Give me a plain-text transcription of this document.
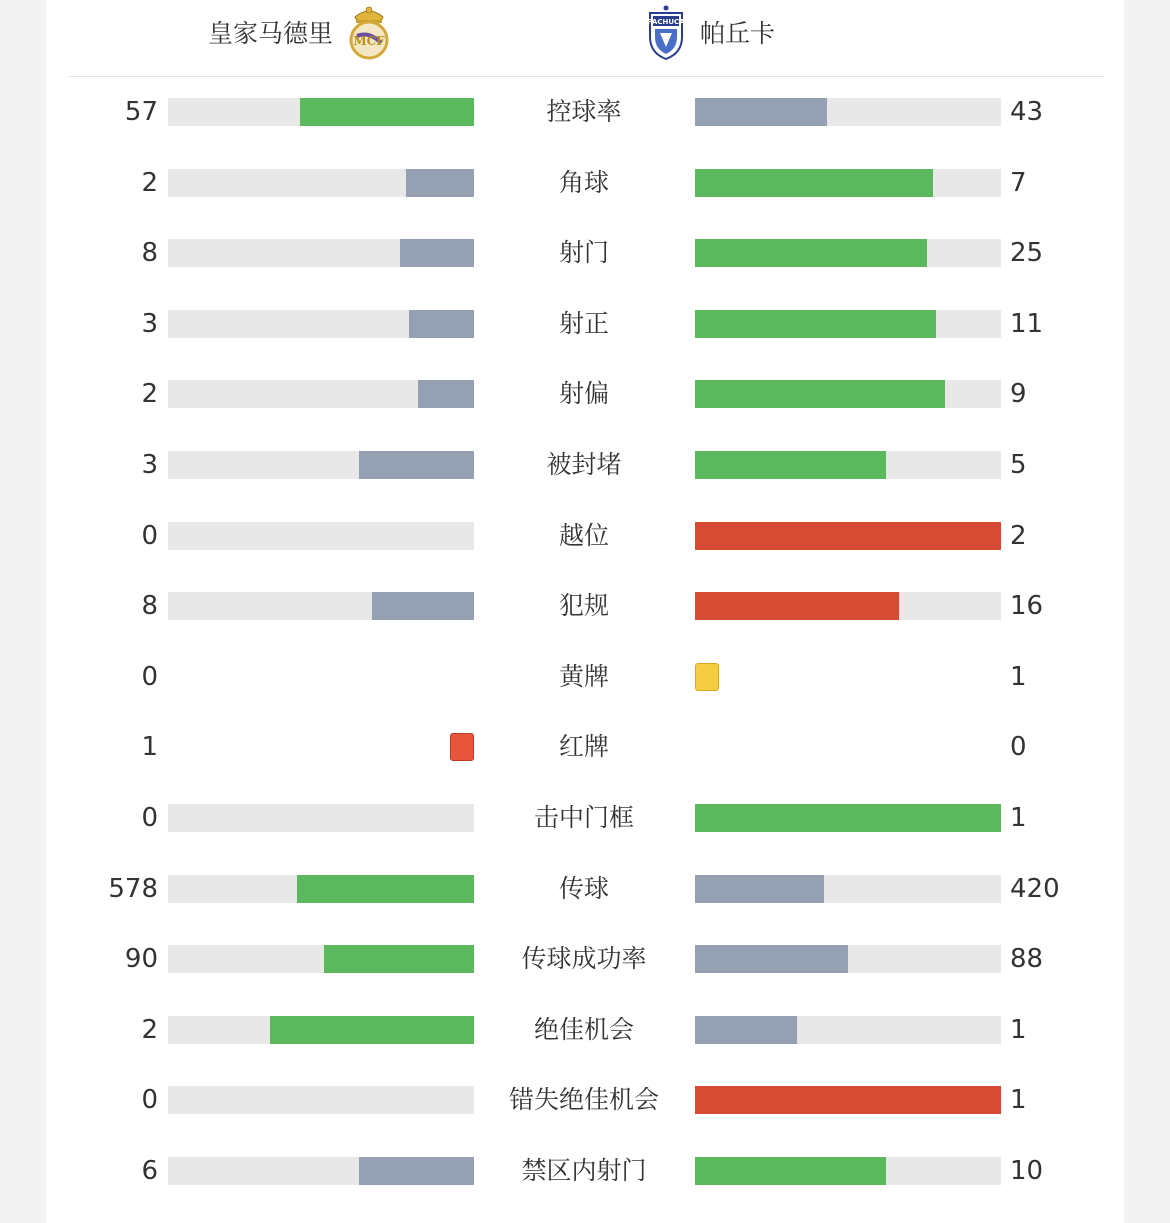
皇家马德里 MCF
PACHUCA 帕丘卡
57	控球率	43
2	角球	7
8	射门	25
3	射正	11
2	射偏	9
3	被封堵	5
0	越位	2
8	犯规	16
0	黄牌	1
1	红牌	0
0	击中门框	1
578	传球	420
90	传球成功率	88
2	绝佳机会	1
0	错失绝佳机会	1
6	禁区内射门	10
